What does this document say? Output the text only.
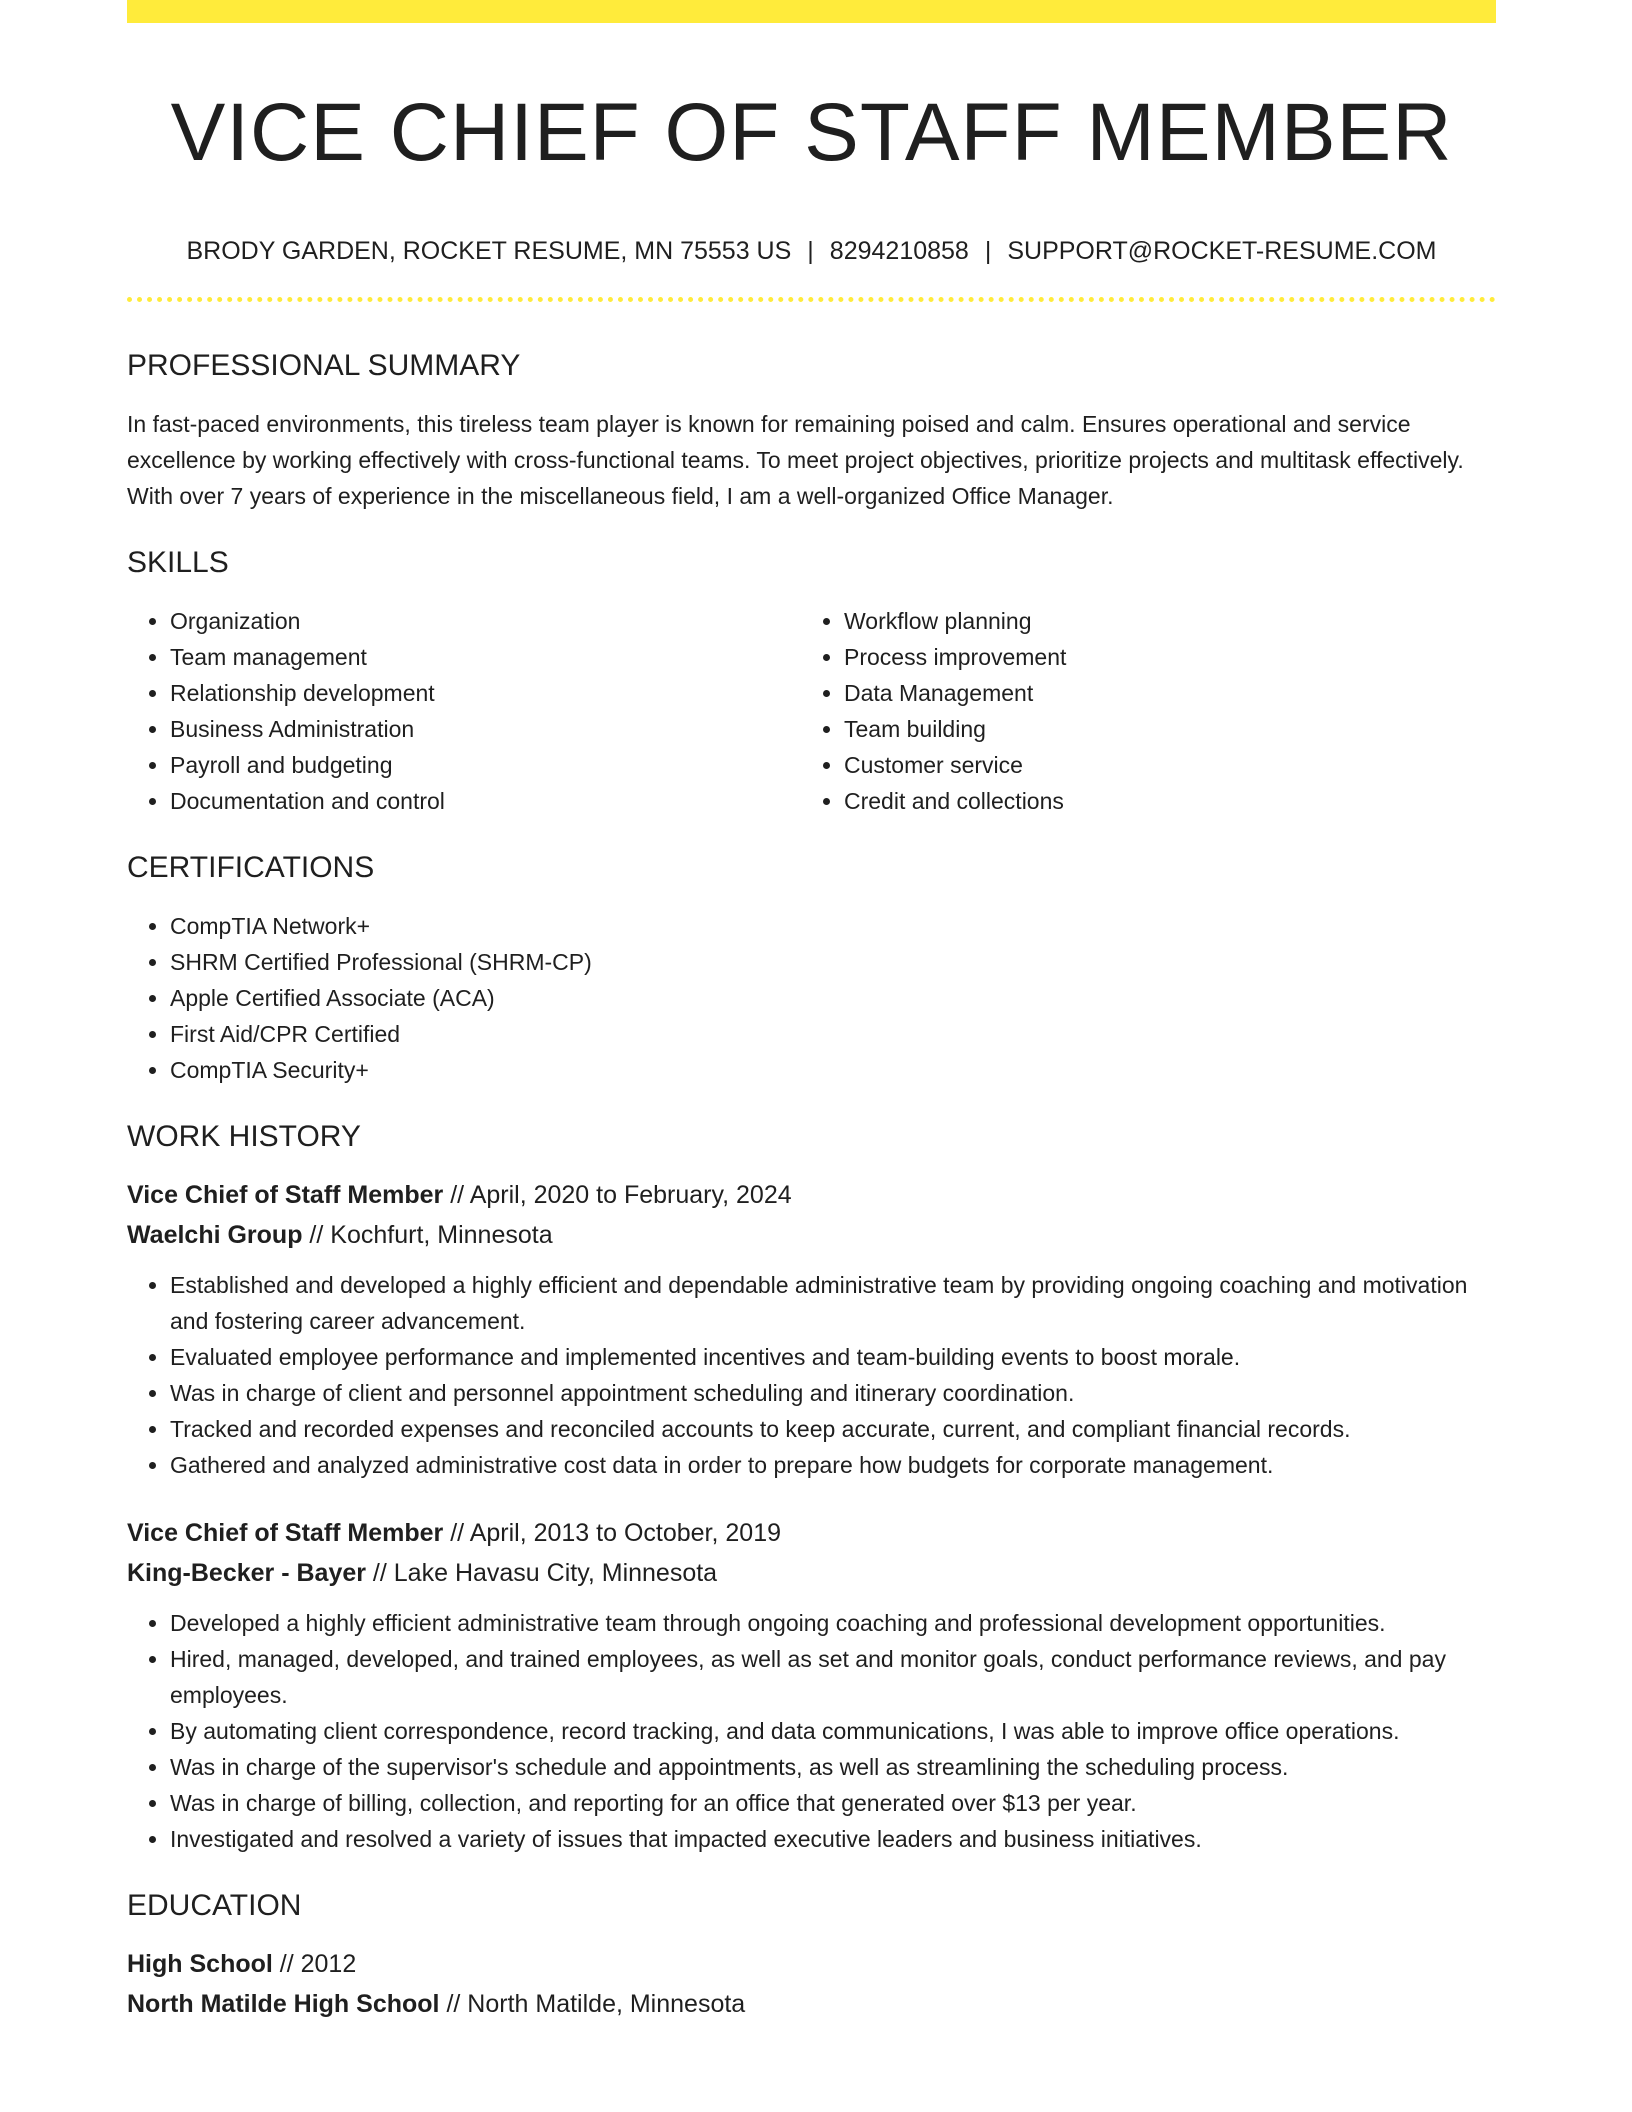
VICE CHIEF OF STAFF MEMBER
BRODY GARDEN, ROCKET RESUME, MN 75553 US | 8294210858 | SUPPORT@ROCKET-RESUME.COM
PROFESSIONAL SUMMARY

In fast-paced environments, this tireless team player is known for remaining poised and calm. Ensures operational and service excellence by working effectively with cross-functional teams. To meet project objectives, prioritize projects and multitask effectively. With over 7 years of experience in the miscellaneous field, I am a well-organized Office Manager.

SKILLS
• Organization
• Team management
• Relationship development
• Business Administration
• Payroll and budgeting
• Documentation and control
• Workflow planning
• Process improvement
• Data Management
• Team building
• Customer service
• Credit and collections
CERTIFICATIONS
• CompTIA Network+
• SHRM Certified Professional (SHRM-CP)
• Apple Certified Associate (ACA)
• First Aid/CPR Certified
• CompTIA Security+
WORK HISTORY

Vice Chief of Staff Member // April, 2020 to February, 2024

Waelchi Group // Kochfurt, Minnesota

• Established and developed a highly efficient and dependable administrative team by providing ongoing coaching and motivation and fostering career advancement.
• Evaluated employee performance and implemented incentives and team-building events to boost morale.
• Was in charge of client and personnel appointment scheduling and itinerary coordination.
• Tracked and recorded expenses and reconciled accounts to keep accurate, current, and compliant financial records.
• Gathered and analyzed administrative cost data in order to prepare how budgets for corporate management.

Vice Chief of Staff Member // April, 2013 to October, 2019

King-Becker - Bayer // Lake Havasu City, Minnesota

• Developed a highly efficient administrative team through ongoing coaching and professional development opportunities.
• Hired, managed, developed, and trained employees, as well as set and monitor goals, conduct performance reviews, and pay employees.
• By automating client correspondence, record tracking, and data communications, I was able to improve office operations.
• Was in charge of the supervisor's schedule and appointments, as well as streamlining the scheduling process.
• Was in charge of billing, collection, and reporting for an office that generated over $13 per year.
• Investigated and resolved a variety of issues that impacted executive leaders and business initiatives.
EDUCATION

High School // 2012

North Matilde High School // North Matilde, Minnesota
